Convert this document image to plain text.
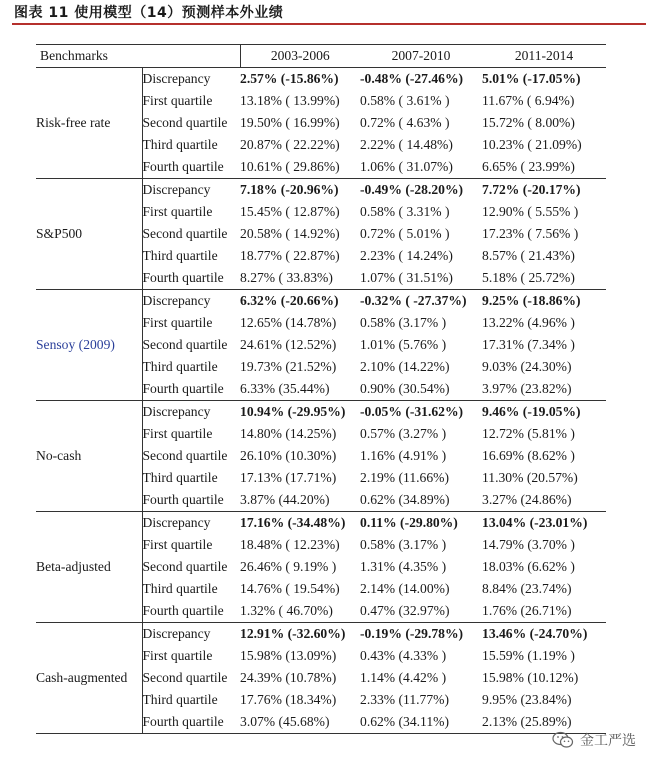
图表 11 使用模型（14）预测样本外业绩
Benchmarks		2003-2006	2007-2010	2011-2014
Risk-free rate	Discrepancy	2.57% (-15.86%)	-0.48% (-27.46%)	5.01% (-17.05%)
	First quartile	13.18% ( 13.99%)	0.58% ( 3.61% )	11.67% ( 6.94%)
	Second quartile	19.50% ( 16.99%)	0.72% ( 4.63% )	15.72% ( 8.00%)
	Third quartile	20.87% ( 22.22%)	2.22% ( 14.48%)	10.23% ( 21.09%)
	Fourth quartile	10.61% ( 29.86%)	1.06% ( 31.07%)	6.65% ( 23.99%)
S&P500	Discrepancy	7.18% (-20.96%)	-0.49% (-28.20%)	7.72% (-20.17%)
	First quartile	15.45% ( 12.87%)	0.58% ( 3.31% )	12.90% ( 5.55% )
	Second quartile	20.58% ( 14.92%)	0.72% ( 5.01% )	17.23% ( 7.56% )
	Third quartile	18.77% ( 22.87%)	2.23% ( 14.24%)	8.57% ( 21.43%)
	Fourth quartile	8.27% ( 33.83%)	1.07% ( 31.51%)	5.18% ( 25.72%)
Sensoy (2009)	Discrepancy	6.32% (-20.66%)	-0.32% ( -27.37%)	9.25% (-18.86%)
	First quartile	12.65% (14.78%)	0.58% (3.17% )	13.22% (4.96% )
	Second quartile	24.61% (12.52%)	1.01% (5.76% )	17.31% (7.34% )
	Third quartile	19.73% (21.52%)	2.10% (14.22%)	9.03% (24.30%)
	Fourth quartile	6.33% (35.44%)	0.90% (30.54%)	3.97% (23.82%)
No-cash	Discrepancy	10.94% (-29.95%)	-0.05% (-31.62%)	9.46% (-19.05%)
	First quartile	14.80% (14.25%)	0.57% (3.27% )	12.72% (5.81% )
	Second quartile	26.10% (10.30%)	1.16% (4.91% )	16.69% (8.62% )
	Third quartile	17.13% (17.71%)	2.19% (11.66%)	11.30% (20.57%)
	Fourth quartile	3.87% (44.20%)	0.62% (34.89%)	3.27% (24.86%)
Beta-adjusted	Discrepancy	17.16% (-34.48%)	0.11% (-29.80%)	13.04% (-23.01%)
	First quartile	18.48% ( 12.23%)	0.58% (3.17% )	14.79% (3.70% )
	Second quartile	26.46% ( 9.19% )	1.31% (4.35% )	18.03% (6.62% )
	Third quartile	14.76% ( 19.54%)	2.14% (14.00%)	8.84% (23.74%)
	Fourth quartile	1.32% ( 46.70%)	0.47% (32.97%)	1.76% (26.71%)
Cash-augmented	Discrepancy	12.91% (-32.60%)	-0.19% (-29.78%)	13.46% (-24.70%)
	First quartile	15.98% (13.09%)	0.43% (4.33% )	15.59% (1.19% )
	Second quartile	24.39% (10.78%)	1.14% (4.42% )	15.98% (10.12%)
	Third quartile	17.76% (18.34%)	2.33% (11.77%)	9.95% (23.84%)
	Fourth quartile	3.07% (45.68%)	0.62% (34.11%)	2.13% (25.89%)
金工严选
